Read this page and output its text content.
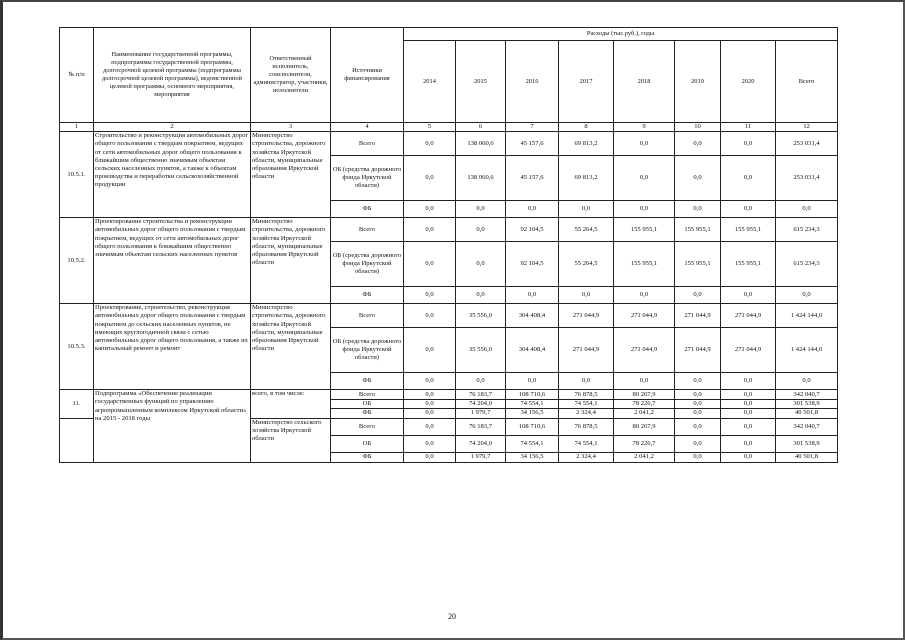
№ п/п	Наименование государственной программы, подпрограммы государственной программы, долгосрочной целевой программы (подпрограммы долгосрочной целевой программы), ведомственной целевой программы, основного мероприятия, мероприятия	Ответственный исполнитель, соисполнители, администратор, участники, исполнители	Источники финансирования	Расходы (тыс.руб.), годы							
				2014	2015	2016	2017	2018	2019	2020	Всего
1	2	3	4	5	6	7	8	9	10	11	12
10.5.1.	Строительство и реконструкция автомобильных дорог общего пользования с твердым покрытием, ведущих от сети автомобильных дорог общего пользования к ближайшим общественно значимым объектам сельских населенных пунктов, а также к объектам производства и переработки сельскохозяйственной продукции	Министерство строительства, дорожного хозяйства Иркутской области, муниципальные образования Иркутской области	Всего	0,0	138 060,6	45 157,6	69 813,2	0,0	0,0	0,0	253 031,4
			ОБ (средства дорожного фонда Иркутской области)	0,0	138 060,6	45 157,6	69 813,2	0,0	0,0	0,0	253 031,4
			ФБ	0,0	0,0	0,0	0,0	0,0	0,0	0,0	0,0
10.5.2.	Проектирование строительства и реконструкции автомобильных дорог общего пользования с твердым покрытием, ведущих от сети автомобильных дорог общего пользования к ближайшим общественно значимым объектам сельских населенных пунктов	Министерство строительства, дорожного хозяйства Иркутской области, муниципальные образования Иркутской области	Всего	0,0	0,0	92 104,5	55 264,5	155 955,1	155 955,1	155 955,1	615 234,3
			ОБ (средства дорожного фонда Иркутской области)	0,0	0,0	92 104,5	55 264,5	155 955,1	155 955,1	155 955,1	615 234,3
			ФБ	0,0	0,0	0,0	0,0	0,0	0,0	0,0	0,0
10.5.3.	Проектирование, строительство, реконструкция автомобильных дорог общего пользования с твердым покрытием до сельских населенных пунктов, не имеющих круглогодичной связи с сетью автомобильных дорог общего пользования, а также их капитальный ремонт и ремонт	Министерство строительства, дорожного хозяйства Иркутской области, муниципальные образования Иркутской области	Всего	0,0	35 556,0	304 408,4	271 044,9	271 044,9	271 044,9	271 044,9	1 424 144,0
			ОБ (средства дорожного фонда Иркутской области)	0,0	35 556,0	304 408,4	271 044,9	271 044,9	271 044,9	271 044,9	1 424 144,0
			ФБ	0,0	0,0	0,0	0,0	0,0	0,0	0,0	0,0
11.	Подпрограмма «Обеспечение реализации государственных функций по управлению агропромышленным комплексом Иркутской области» на 2015 - 2018 годы	всего, в том числе:	Всего	0,0	76 183,7	108 710,6	76 878,5	80 267,9	0,0	0,0	342 040,7
			ОБ	0,0	74 204,0	74 554,1	74 554,1	78 226,7	0,0	0,0	301 538,9
			ФБ	0,0	1 979,7	34 156,5	2 324,4	2 041,2	0,0	0,0	40 501,8
		Министерство сельского хозяйства Иркутской области	Всего	0,0	76 183,7	108 710,6	76 878,5	80 267,9	0,0	0,0	342 040,7
			ОБ	0,0	74 204,0	74 554,1	74 554,1	78 226,7	0,0	0,0	301 538,9
			ФБ	0,0	1 979,7	34 156,5	2 324,4	2 041,2	0,0	0,0	40 501,8
20
